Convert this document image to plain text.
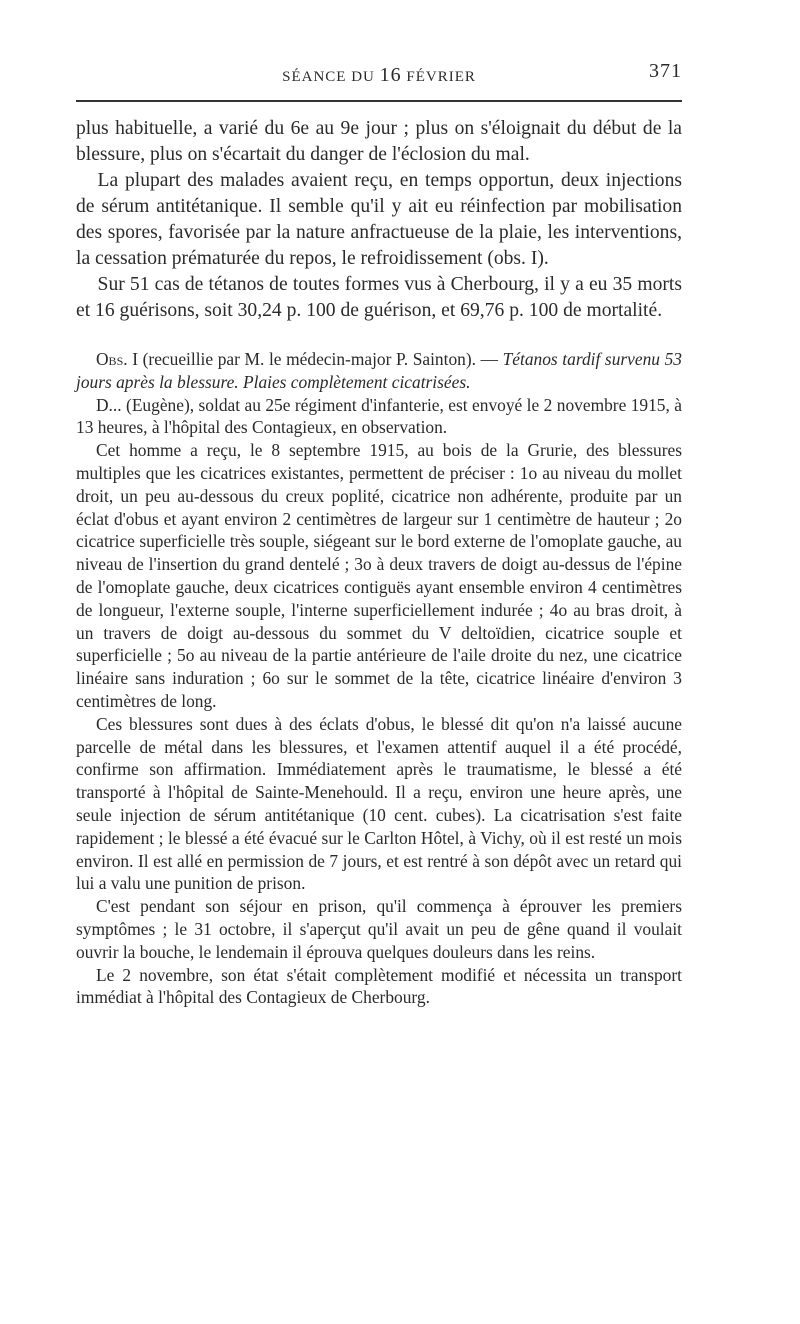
SÉANCE DU 16 FÉVRIER	371

plus habituelle, a varié du 6e au 9e jour ; plus on s'éloignait du début de la blessure, plus on s'écartait du danger de l'éclosion du mal.

La plupart des malades avaient reçu, en temps opportun, deux injections de sérum antitétanique. Il semble qu'il y ait eu réinfection par mobilisation des spores, favorisée par la nature anfractueuse de la plaie, les interventions, la cessation prématurée du repos, le refroidissement (obs. I).

Sur 51 cas de tétanos de toutes formes vus à Cherbourg, il y a eu 35 morts et 16 guérisons, soit 30,24 p. 100 de guérison, et 69,76 p. 100 de mortalité.

Obs. I (recueillie par M. le médecin-major P. Sainton). — Tétanos tardif survenu 53 jours après la blessure. Plaies complètement cicatrisées.

D... (Eugène), soldat au 25e régiment d'infanterie, est envoyé le 2 novembre 1915, à 13 heures, à l'hôpital des Contagieux, en observation.

Cet homme a reçu, le 8 septembre 1915, au bois de la Grurie, des blessures multiples que les cicatrices existantes, permettent de préciser : 1o au niveau du mollet droit, un peu au-dessous du creux poplité, cicatrice non adhérente, produite par un éclat d'obus et ayant environ 2 centimètres de largeur sur 1 centimètre de hauteur ; 2o cicatrice superficielle très souple, siégeant sur le bord externe de l'omoplate gauche, au niveau de l'insertion du grand dentelé ; 3o à deux travers de doigt au-dessus de l'épine de l'omoplate gauche, deux cicatrices contiguës ayant ensemble environ 4 centimètres de longueur, l'externe souple, l'interne superficiellement indurée ; 4o au bras droit, à un travers de doigt au-dessous du sommet du V deltoïdien, cicatrice souple et superficielle ; 5o au niveau de la partie antérieure de l'aile droite du nez, une cicatrice linéaire sans induration ; 6o sur le sommet de la tête, cicatrice linéaire d'environ 3 centimètres de long.

Ces blessures sont dues à des éclats d'obus, le blessé dit qu'on n'a laissé aucune parcelle de métal dans les blessures, et l'examen attentif auquel il a été procédé, confirme son affirmation. Immédiatement après le traumatisme, le blessé a été transporté à l'hôpital de Sainte-Menehould. Il a reçu, environ une heure après, une seule injection de sérum antitétanique (10 cent. cubes). La cicatrisation s'est faite rapidement ; le blessé a été évacué sur le Carlton Hôtel, à Vichy, où il est resté un mois environ. Il est allé en permission de 7 jours, et est rentré à son dépôt avec un retard qui lui a valu une punition de prison.

C'est pendant son séjour en prison, qu'il commença à éprouver les premiers symptômes ; le 31 octobre, il s'aperçut qu'il avait un peu de gêne quand il voulait ouvrir la bouche, le lendemain il éprouva quelques douleurs dans les reins.

Le 2 novembre, son état s'était complètement modifié et nécessita un transport immédiat à l'hôpital des Contagieux de Cherbourg.
